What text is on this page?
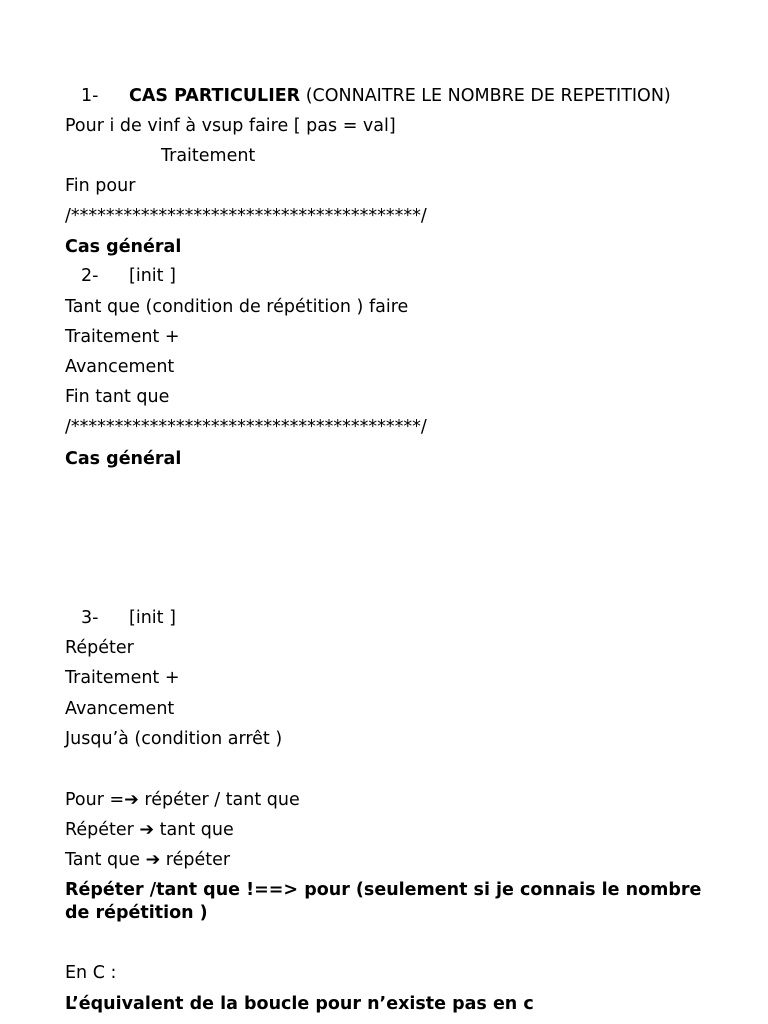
1- CAS PARTICULIER (CONNAITRE LE NOMBRE DE REPETITION)
Pour i de vinf à vsup faire [ pas = val]
Traitement
Fin pour
/****************************************/
Cas général
2- [init ]
Tant que (condition de répétition ) faire
Traitement +
Avancement
Fin tant que
/****************************************/
Cas général
3- [init ]
Répéter
Traitement +
Avancement
Jusqu’à (condition arrêt )
Pour =➔ répéter / tant que
Répéter ➔ tant que
Tant que ➔ répéter
Répéter /tant que !==> pour (seulement si je connais le nombre de répétition )
En C :
L’équivalent de la boucle pour n’existe pas en c
